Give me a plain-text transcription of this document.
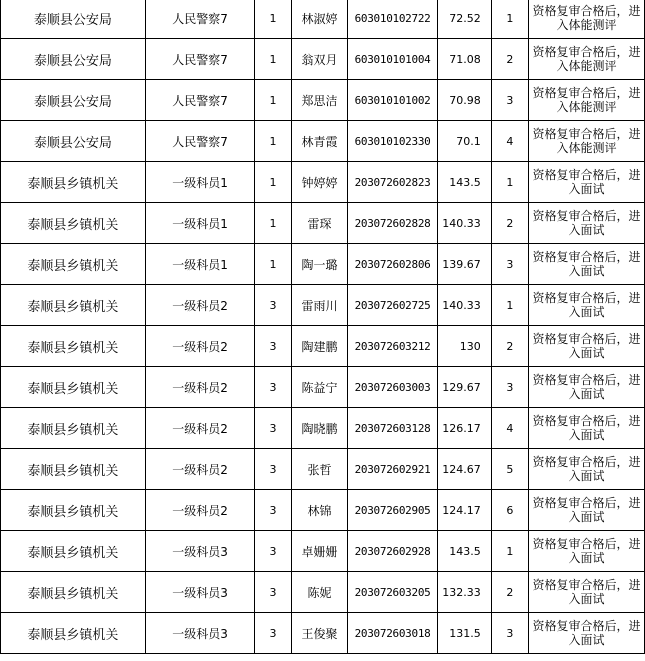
泰顺县公安局	人民警察7	1	林淑婷	603010102722	72.52	1	资格复审合格后，进
入体能测评

泰顺县公安局	人民警察7	1	翁双月	603010101004	71.08	2	资格复审合格后，进
入体能测评

泰顺县公安局	人民警察7	1	郑思洁	603010101002	70.98	3	资格复审合格后，进
入体能测评

泰顺县公安局	人民警察7	1	林青霞	603010102330	70.1	4	资格复审合格后，进
入体能测评

泰顺县乡镇机关	一级科员1	1	钟婷婷	203072602823	143.5	1	资格复审合格后，进
入面试

泰顺县乡镇机关	一级科员1	1	雷琛	203072602828	140.33	2	资格复审合格后，进
入面试

泰顺县乡镇机关	一级科员1	1	陶一璐	203072602806	139.67	3	资格复审合格后，进
入面试

泰顺县乡镇机关	一级科员2	3	雷雨川	203072602725	140.33	1	资格复审合格后，进
入面试

泰顺县乡镇机关	一级科员2	3	陶建鹏	203072603212	130	2	资格复审合格后，进
入面试

泰顺县乡镇机关	一级科员2	3	陈益宁	203072603003	129.67	3	资格复审合格后，进
入面试

泰顺县乡镇机关	一级科员2	3	陶晓鹏	203072603128	126.17	4	资格复审合格后，进
入面试

泰顺县乡镇机关	一级科员2	3	张哲	203072602921	124.67	5	资格复审合格后，进
入面试

泰顺县乡镇机关	一级科员2	3	林锦	203072602905	124.17	6	资格复审合格后，进
入面试

泰顺县乡镇机关	一级科员3	3	卓姗姗	203072602928	143.5	1	资格复审合格后，进
入面试

泰顺县乡镇机关	一级科员3	3	陈妮	203072603205	132.33	2	资格复审合格后，进
入面试

泰顺县乡镇机关	一级科员3	3	王俊聚	203072603018	131.5	3	资格复审合格后，进
入面试
